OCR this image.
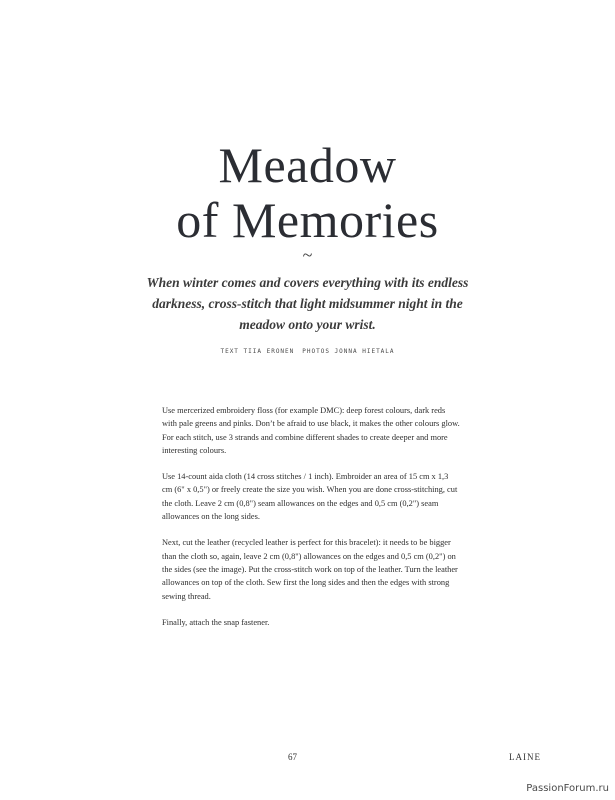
Meadow
of Memories
~
When winter comes and covers everything with its endless darkness, cross-stitch that light midsummer night in the meadow onto your wrist.
TEXT TIIA ERONEN PHOTOS JONNA HIETALA

Use mercerized embroidery floss (for example DMC): deep forest colours, dark reds with pale greens and pinks. Don’t be afraid to use black, it makes the other colours glow. For each stitch, use 3 strands and combine different shades to create deeper and more interesting colours.

Use 14-count aida cloth (14 cross stitches / 1 inch). Embroider an area of 15 cm x 1,3 cm (6" x 0,5") or freely create the size you wish. When you are done cross-stitching, cut the cloth. Leave 2 cm (0,8") seam allowances on the edges and 0,5 cm (0,2") seam allowances on the long sides.

Next, cut the leather (recycled leather is perfect for this bracelet): it needs to be bigger than the cloth so, again, leave 2 cm (0,8") allowances on the edges and 0,5 cm (0,2") on the sides (see the image). Put the cross-stitch work on top of the leather. Turn the leather allowances on top of the cloth. Sew first the long sides and then the edges with strong sewing thread.

Finally, attach the snap fastener.

67	LAINE
PassionForum.ru
